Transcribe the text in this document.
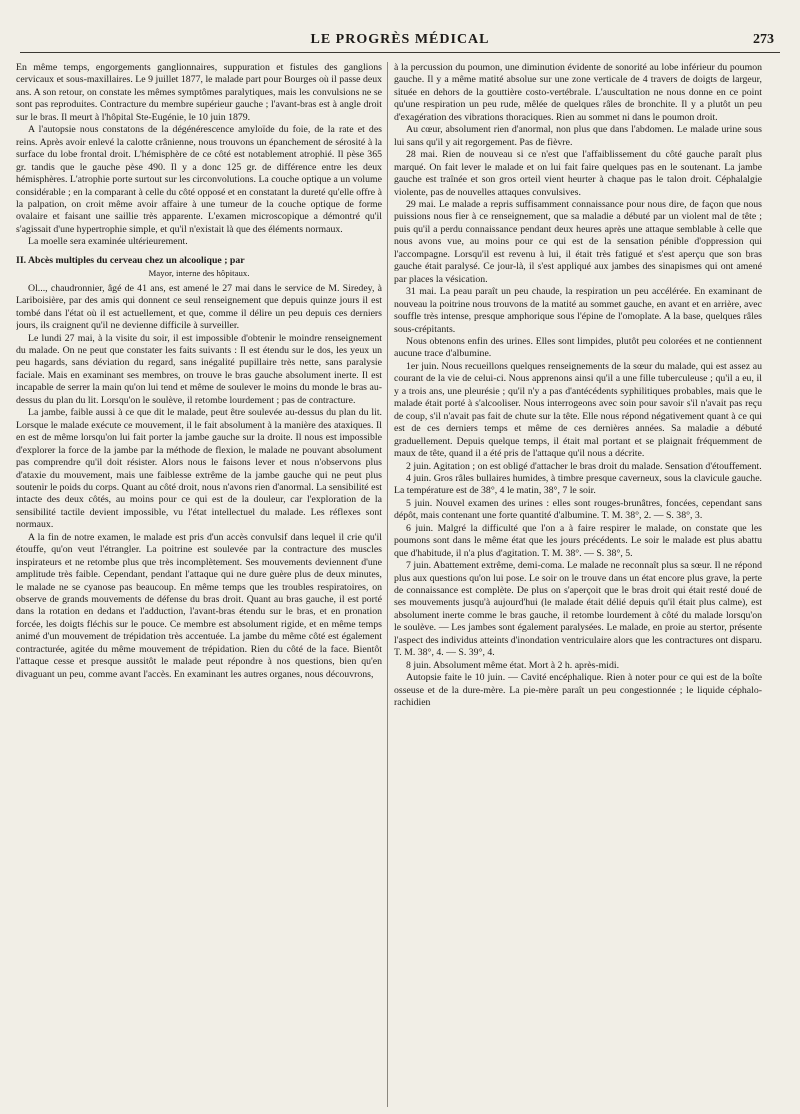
LE PROGRÈS MÉDICAL	273

En même temps, engorgements ganglionnaires, suppuration et fistules des ganglions cervicaux et sous-maxillaires. Le 9 juillet 1877, le malade part pour Bourges où il passe deux ans. A son retour, on constate les mêmes symptômes paralytiques, mais les convulsions ne se sont pas reproduites. Contracture du membre supérieur gauche ; l'avant-bras est à angle droit sur le bras. Il meurt à l'hôpital Ste-Eugénie, le 10 juin 1879.

A l'autopsie nous constatons de la dégénérescence amyloïde du foie, de la rate et des reins. Après avoir enlevé la calotte crânienne, nous trouvons un épanchement de sérosité à la surface du lobe frontal droit. L'hémisphère de ce côté est notablement atrophié. Il pèse 365 gr. tandis que le gauche pèse 490. Il y a donc 125 gr. de différence entre les deux hémisphères. L'atrophie porte surtout sur les circonvolutions. La couche optique a un volume considérable ; en la comparant à celle du côté opposé et en constatant la dureté qu'elle offre à la palpation, on croit même avoir affaire à une tumeur de la couche optique de forme ovalaire et faisant une saillie très apparente. L'examen microscopique a démontré qu'il s'agissait d'une hypertrophie simple, et qu'il n'existait là que des éléments normaux.

La moelle sera examinée ultérieurement.

II. Abcès multiples du cerveau chez un alcoolique ; par

Mayor, interne des hôpitaux.

Ol..., chaudronnier, âgé de 41 ans, est amené le 27 mai dans le service de M. Siredey, à Lariboisière, par des amis qui donnent ce seul renseignement que depuis quinze jours il est tombé dans l'état où il est actuellement, et que, comme il délire un peu depuis ces derniers jours, ils craignent qu'il ne devienne difficile à surveiller.

Le lundi 27 mai, à la visite du soir, il est impossible d'obtenir le moindre renseignement du malade. On ne peut que constater les faits suivants : Il est étendu sur le dos, les yeux un peu hagards, sans déviation du regard, sans inégalité pupillaire très nette, sans paralysie faciale. Mais en examinant ses membres, on trouve le bras gauche absolument inerte. Il est incapable de serrer la main qu'on lui tend et même de soulever le moins du monde le bras au-dessus du plan du lit. Lorsqu'on le soulève, il retombe lourdement ; pas de contracture.

La jambe, faible aussi à ce que dit le malade, peut être soulevée au-dessus du plan du lit. Lorsque le malade exécute ce mouvement, il le fait absolument à la manière des ataxiques. Il en est de même lorsqu'on lui fait porter la jambe gauche sur la droite. Il nous est impossible d'explorer la force de la jambe par la méthode de flexion, le malade ne pouvant absolument pas comprendre qu'il doit résister. Alors nous le faisons lever et nous n'observons plus d'ataxie du mouvement, mais une faiblesse extrême de la jambe gauche qui ne peut plus soutenir le poids du corps. Quant au côté droit, nous n'avons rien d'anormal. La sensibilité est intacte des deux côtés, au moins pour ce qui est de la douleur, car l'exploration de la sensibilité tactile devient impossible, vu l'état intellectuel du malade. Les réflexes sont normaux.

A la fin de notre examen, le malade est pris d'un accès convulsif dans lequel il crie qu'il étouffe, qu'on veut l'étrangler. La poitrine est soulevée par la contracture des muscles inspirateurs et ne retombe plus que très incomplètement. Ses mouvements deviennent d'une amplitude très faible. Cependant, pendant l'attaque qui ne dure guère plus de deux minutes, le malade ne se cyanose pas beaucoup. En même temps que les troubles respiratoires, on observe de grands mouvements de défense du bras droit. Quant au bras gauche, il est porté dans la rotation en dedans et l'adduction, l'avant-bras étendu sur le bras, et en pronation forcée, les doigts fléchis sur le pouce. Ce membre est absolument rigide, et en même temps animé d'un mouvement de trépidation très accentuée. La jambe du même côté est également contracturée, agitée du même mouvement de trépidation. Rien du côté de la face. Bientôt l'attaque cesse et presque aussitôt le malade peut répondre à nos questions, bien qu'en divaguant un peu, comme avant l'accès. En examinant les autres organes, nous découvrons,

à la percussion du poumon, une diminution évidente de sonorité au lobe inférieur du poumon gauche. Il y a même matité absolue sur une zone verticale de 4 travers de doigts de largeur, située en dehors de la gouttière costo-vertébrale. L'auscultation ne nous donne en ce point qu'une respiration un peu rude, mêlée de quelques râles de bronchite. Il y a plutôt un peu d'exagération des vibrations thoraciques. Rien au sommet ni dans le poumon droit.

Au cœur, absolument rien d'anormal, non plus que dans l'abdomen. Le malade urine sous lui sans qu'il y ait regorgement. Pas de fièvre.

28 mai. Rien de nouveau si ce n'est que l'affaiblissement du côté gauche paraît plus marqué. On fait lever le malade et on lui fait faire quelques pas en le soutenant. La jambe gauche est traînée et son gros orteil vient heurter à chaque pas le talon droit. Céphalalgie violente, pas de nouvelles attaques convulsives.

29 mai. Le malade a repris suffisamment connaissance pour nous dire, de façon que nous puissions nous fier à ce renseignement, que sa maladie a débuté par un violent mal de tête ; puis qu'il a perdu connaissance pendant deux heures après une attaque semblable à celle que nous avons vue, au moins pour ce qui est de la sensation pénible d'oppression qui l'accompagne. Lorsqu'il est revenu à lui, il était très fatigué et s'est aperçu que son bras gauche était paralysé. Ce jour-là, il s'est appliqué aux jambes des sinapismes qui ont amené par places la vésication.

31 mai. La peau paraît un peu chaude, la respiration un peu accélérée. En examinant de nouveau la poitrine nous trouvons de la matité au sommet gauche, en avant et en arrière, avec souffle très intense, presque amphorique sous l'épine de l'omoplate. A la base, quelques râles sous-crépitants.

Nous obtenons enfin des urines. Elles sont limpides, plutôt peu colorées et ne contiennent aucune trace d'albumine.

1er juin. Nous recueillons quelques renseignements de la sœur du malade, qui est assez au courant de la vie de celui-ci. Nous apprenons ainsi qu'il a une fille tuberculeuse ; qu'il a eu, il y a trois ans, une pleurésie ; qu'il n'y a pas d'antécédents syphilitiques probables, mais que le malade était porté à s'alcooliser. Nous interrogeons avec soin pour savoir s'il n'avait pas reçu de coup, s'il n'avait pas fait de chute sur la tête. Elle nous répond négativement quant à ce qui est de ces derniers temps et même de ces dernières années. Sa maladie a débuté graduellement. Depuis quelque temps, il était mal portant et se plaignait fréquemment de maux de tête, quand il a été pris de l'attaque qu'il nous a décrite.

2 juin. Agitation ; on est obligé d'attacher le bras droit du malade. Sensation d'étouffement.

4 juin. Gros râles bullaires humides, à timbre presque caverneux, sous la clavicule gauche. La température est de 38°, 4 le matin, 38°, 7 le soir.

5 juin. Nouvel examen des urines : elles sont rouges-brunâtres, foncées, cependant sans dépôt, mais contenant une forte quantité d'albumine. T. M. 38°, 2. — S. 38°, 3.

6 juin. Malgré la difficulté que l'on a à faire respirer le malade, on constate que les poumons sont dans le même état que les jours précédents. Le soir le malade est plus abattu que d'habitude, il n'a plus d'agitation. T. M. 38°. — S. 38°, 5.

7 juin. Abattement extrême, demi-coma. Le malade ne reconnaît plus sa sœur. Il ne répond plus aux questions qu'on lui pose. Le soir on le trouve dans un état encore plus grave, la perte de connaissance est complète. De plus on s'aperçoit que le bras droit qui était resté doué de ses mouvements jusqu'à aujourd'hui (le malade était délié depuis qu'il était plus calme), est absolument inerte comme le bras gauche, il retombe lourdement à côté du malade lorsqu'on le soulève. — Les jambes sont également paralysées. Le malade, en proie au stertor, présente l'aspect des individus atteints d'inondation ventriculaire alors que les contractures ont disparu. T. M. 38°, 4. — S. 39°, 4.

8 juin. Absolument même état. Mort à 2 h. après-midi.

Autopsie faite le 10 juin. — Cavité encéphalique. Rien à noter pour ce qui est de la boîte osseuse et de la dure-mère. La pie-mère paraît un peu congestionnée ; le liquide céphalo-rachidien
